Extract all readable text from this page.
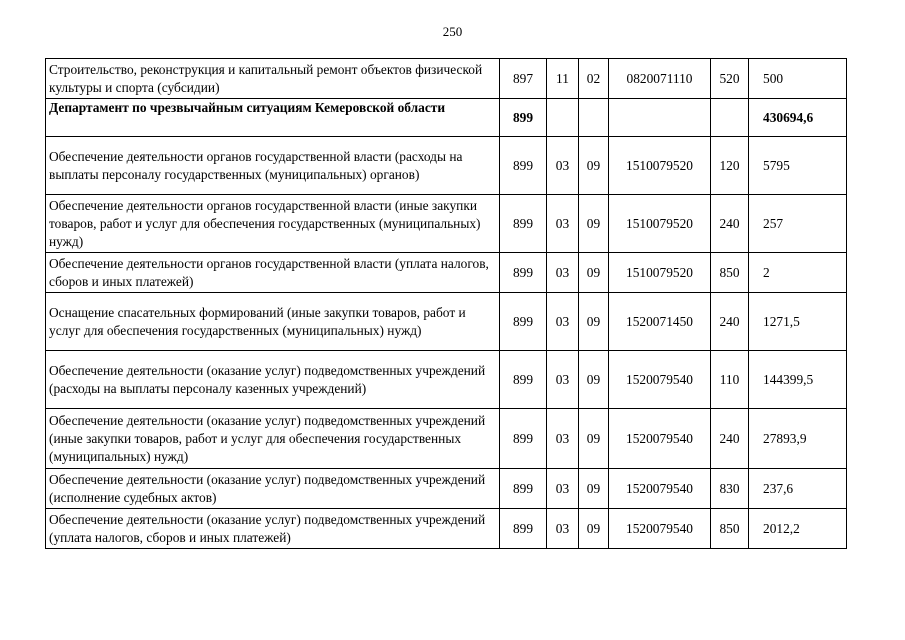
250
Строительство, реконструкция и капитальный ремонт объектов физической культуры и спорта (субсидии)	897	11	02	0820071110	520	500
Департамент по чрезвычайным ситуациям Кемеровской области	899					430694,6
Обеспечение деятельности органов государственной власти (расходы на выплаты персоналу государственных (муниципальных) органов)	899	03	09	1510079520	120	5795
Обеспечение деятельности органов государственной власти (иные закупки товаров, работ и услуг для обеспечения государственных (муниципальных) нужд)	899	03	09	1510079520	240	257
Обеспечение деятельности органов государственной власти (уплата налогов, сборов и иных платежей)	899	03	09	1510079520	850	2
Оснащение спасательных формирований (иные закупки товаров, работ и услуг для обеспечения государственных (муниципальных) нужд)	899	03	09	1520071450	240	1271,5
Обеспечение деятельности (оказание услуг) подведомственных учреждений (расходы на выплаты персоналу казенных учреждений)	899	03	09	1520079540	110	144399,5
Обеспечение деятельности (оказание услуг) подведомственных учреждений (иные закупки товаров, работ и услуг для обеспечения государственных (муниципальных) нужд)	899	03	09	1520079540	240	27893,9
Обеспечение деятельности (оказание услуг) подведомственных учреждений (исполнение судебных актов)	899	03	09	1520079540	830	237,6
Обеспечение деятельности (оказание услуг) подведомственных учреждений (уплата налогов, сборов и иных платежей)	899	03	09	1520079540	850	2012,2
